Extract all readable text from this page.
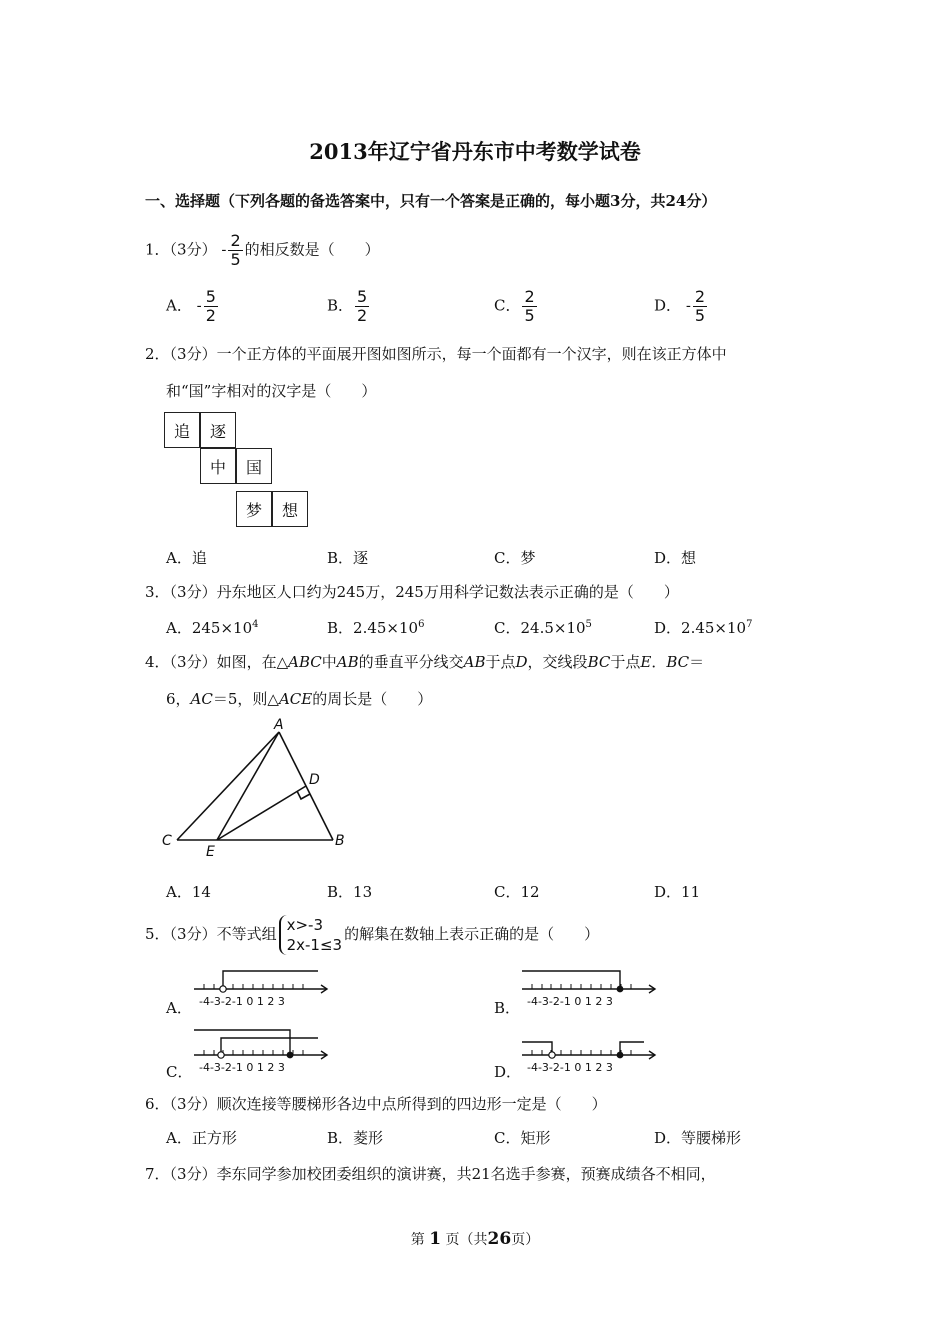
2013年辽宁省丹东市中考数学试卷
一、选择题（下列各题的备选答案中，只有一个答案是正确的，每小题3分，共24分）
1．（3分） - $\frac{2}{5}$ 的相反数是（　　）
A． - $\frac{5}{2}$	B． $\frac{5}{2}$	C． $\frac{2}{5}$	D． - $\frac{2}{5}$
2．（3分）一个正方体的平面展开图如图所示，每一个面都有一个汉字，则在该正方体中
和“国”字相对的汉字是（　　）
追	逐
中	国
梦	想
A．追	B．逐	C．梦	D．想
3．（3分）丹东地区人口约为245万，245万用科学记数法表示正确的是（　　）
A．$245\times 10^4$	B．$2.45\times 10^6$	C．$24.5\times 10^5$	D．$2.45\times 10^7$
4．（3分）如图，在△ABC中AB的垂直平分线交AB于点D，交线段BC于点E．BC＝
6，AC＝5，则△ACE的周长是（　　）
A
B
C
D
E
A．14	B．13	C．12	D．11
5．（3分）不等式组 x>-3
2x-1≤3
的解集在数轴上表示正确的是（　　）
A． -4-3-2-1 0 1 2 3	B． -4-3-2-1 0 1 2 3
C． -4-3-2-1 0 1 2 3	D． -4-3-2-1 0 1 2 3
6．（3分）顺次连接等腰梯形各边中点所得到的四边形一定是（　　）
A．正方形	B．菱形	C．矩形	D．等腰梯形
7．（3分）李东同学参加校团委组织的演讲赛，共21名选手参赛，预赛成绩各不相同，
第 1 页（共26页）
